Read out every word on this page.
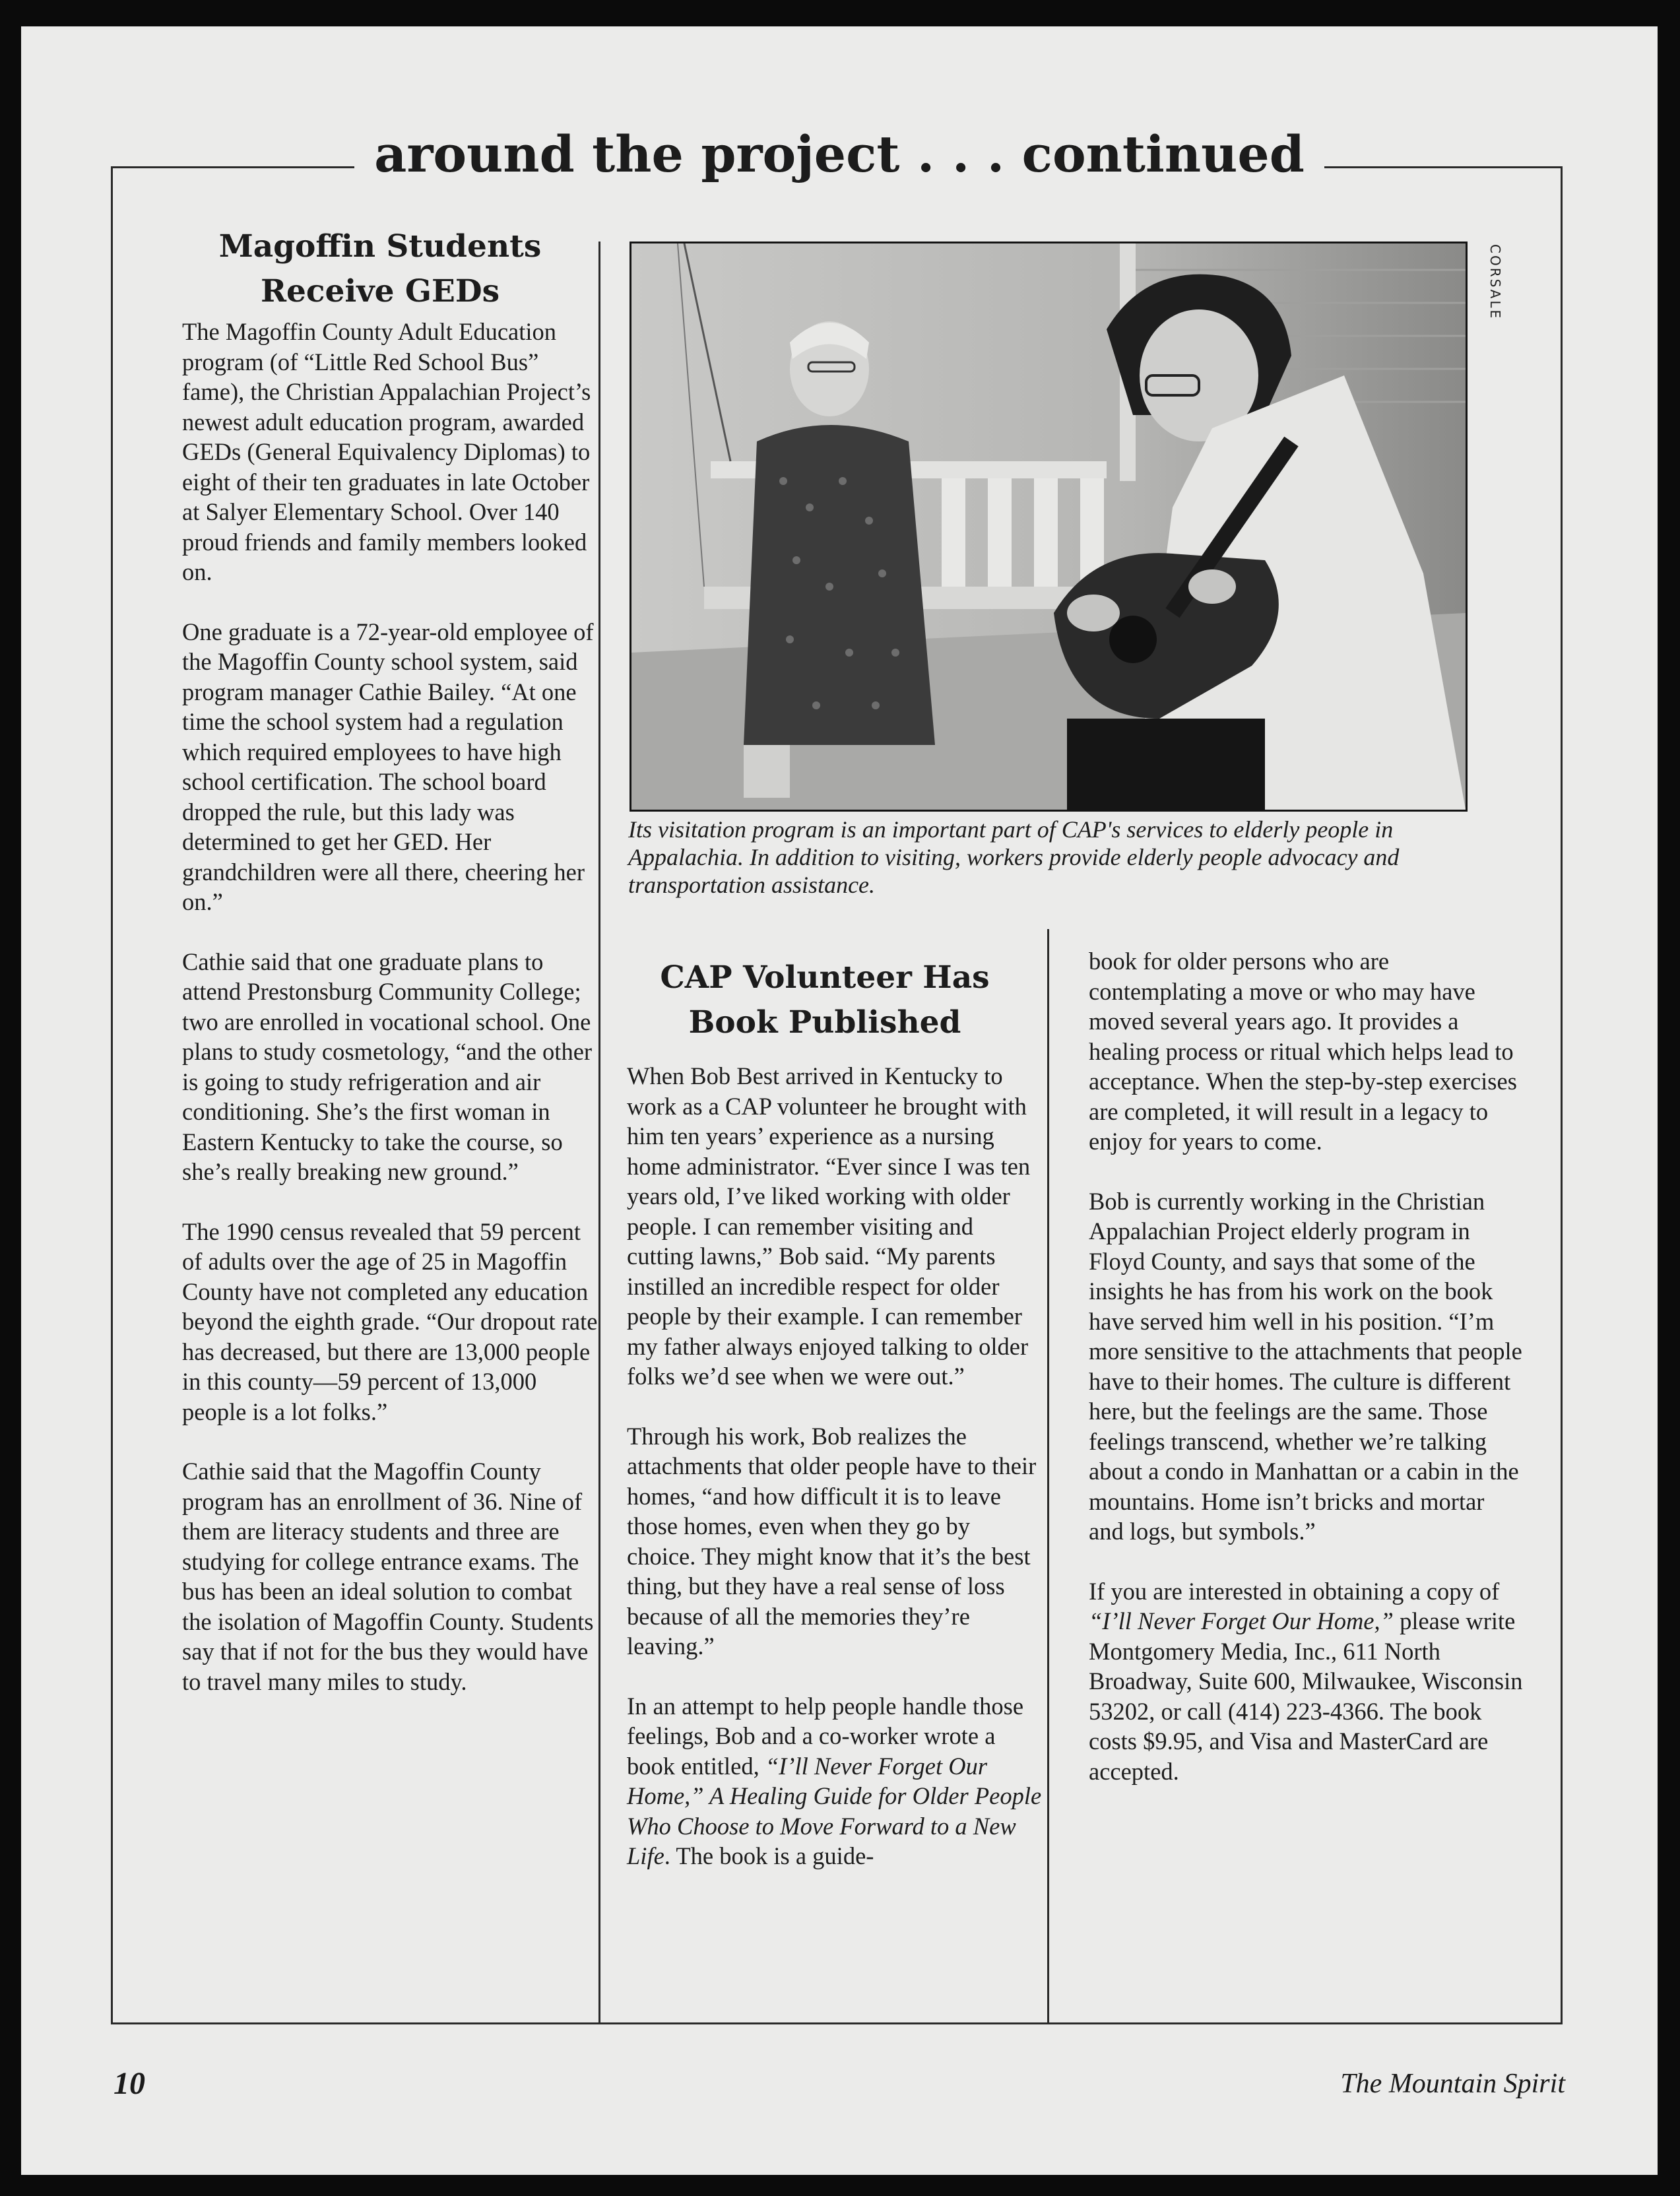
around the project . . . continued
Magoffin Students
Receive GEDs

The Magoffin County Adult Education program (of “Little Red School Bus” fame), the Christian Appalachian Project’s newest adult education program, awarded GEDs (General Equivalency Diplomas) to eight of their ten graduates in late October at Salyer Elementary School. Over 140 proud friends and family members looked on.

One graduate is a 72-year-old employee of the Magoffin County school system, said program manager Cathie Bailey. “At one time the school system had a regulation which required employees to have high school certification. The school board dropped the rule, but this lady was determined to get her GED. Her grandchildren were all there, cheering her on.”

Cathie said that one graduate plans to attend Prestonsburg Community College; two are enrolled in vocational school. One plans to study cosmetology, “and the other is going to study refrigeration and air conditioning. She’s the first woman in Eastern Kentucky to take the course, so she’s really breaking new ground.”

The 1990 census revealed that 59 percent of adults over the age of 25 in Magoffin County have not completed any education beyond the eighth grade. “Our dropout rate has decreased, but there are 13,000 people in this county—59 percent of 13,000 people is a lot folks.”

Cathie said that the Magoffin County program has an enrollment of 36. Nine of them are literacy students and three are studying for college entrance exams. The bus has been an ideal solution to combat the isolation of Magoffin County. Students say that if not for the bus they would have to travel many miles to study.

CORSALE
Its visitation program is an important part of CAP's services to elderly people in Appalachia. In addition to visiting, workers provide elderly people advocacy and transportation assistance.
CAP Volunteer Has
Book Published

When Bob Best arrived in Kentucky to work as a CAP volunteer he brought with him ten years’ experience as a nursing home administrator. “Ever since I was ten years old, I’ve liked working with older people. I can remember visiting and cutting lawns,” Bob said. “My parents instilled an incredible respect for older people by their example. I can remember my father always enjoyed talking to older folks we’d see when we were out.”

Through his work, Bob realizes the attachments that older people have to their homes, “and how difficult it is to leave those homes, even when they go by choice. They might know that it’s the best thing, but they have a real sense of loss because of all the memories they’re leaving.”

In an attempt to help people handle those feelings, Bob and a co-worker wrote a book entitled, “I’ll Never Forget Our Home,” A Healing Guide for Older People Who Choose to Move Forward to a New Life. The book is a guide-

book for older persons who are contemplating a move or who may have moved several years ago. It provides a healing process or ritual which helps lead to acceptance. When the step-by-step exercises are completed, it will result in a legacy to enjoy for years to come.

Bob is currently working in the Christian Appalachian Project elderly program in Floyd County, and says that some of the insights he has from his work on the book have served him well in his position. “I’m more sensitive to the attachments that people have to their homes. The culture is different here, but the feelings are the same. Those feelings transcend, whether we’re talking about a condo in Manhattan or a cabin in the mountains. Home isn’t bricks and mortar and logs, but symbols.”

If you are interested in obtaining a copy of “I’ll Never Forget Our Home,” please write Montgomery Media, Inc., 611 North Broadway, Suite 600, Milwaukee, Wisconsin 53202, or call (414) 223-4366. The book costs $9.95, and Visa and MasterCard are accepted.

10	The Mountain Spirit
